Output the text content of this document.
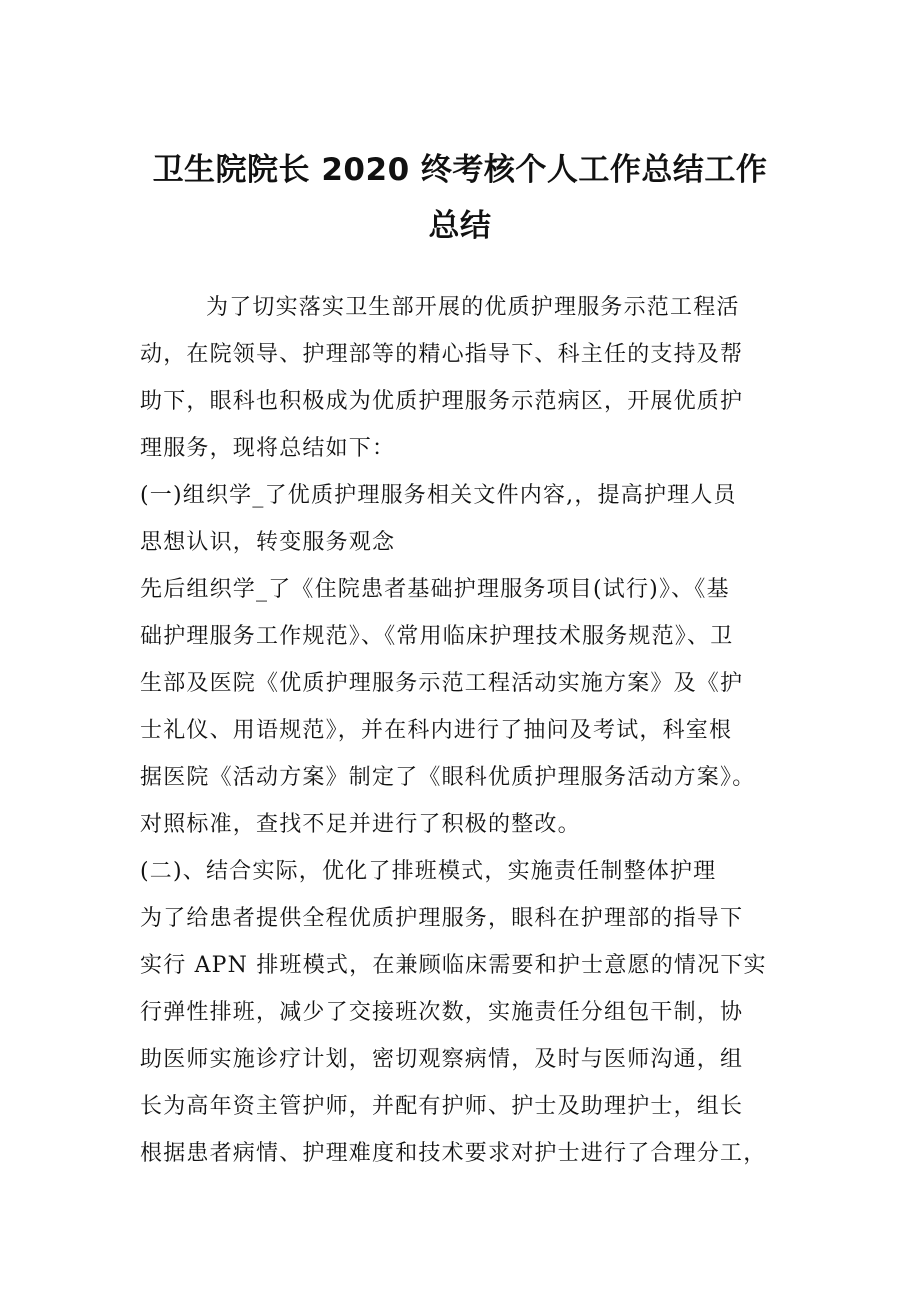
卫生院院长 2020 终考核个人工作总结工作
总结
为了切实落实卫生部开展的优质护理服务示范工程活
动，在院领导、护理部等的精心指导下、科主任的支持及帮
助下，眼科也积极成为优质护理服务示范病区，开展优质护
理服务，现将总结如下：
(一)组织学_了优质护理服务相关文件内容,，提高护理人员
思想认识，转变服务观念
先后组织学_了《住院患者基础护理服务项目(试行)》、《基
础护理服务工作规范》、《常用临床护理技术服务规范》、卫
生部及医院《优质护理服务示范工程活动实施方案》及《护
士礼仪、用语规范》，并在科内进行了抽问及考试，科室根
据医院《活动方案》制定了《眼科优质护理服务活动方案》。
对照标准，查找不足并进行了积极的整改。
(二)、结合实际，优化了排班模式，实施责任制整体护理
为了给患者提供全程优质护理服务，眼科在护理部的指导下
实行 APN 排班模式，在兼顾临床需要和护士意愿的情况下实
行弹性排班，减少了交接班次数，实施责任分组包干制，协
助医师实施诊疗计划，密切观察病情，及时与医师沟通，组
长为高年资主管护师，并配有护师、护士及助理护士，组长
根据患者病情、护理难度和技术要求对护士进行了合理分工，
